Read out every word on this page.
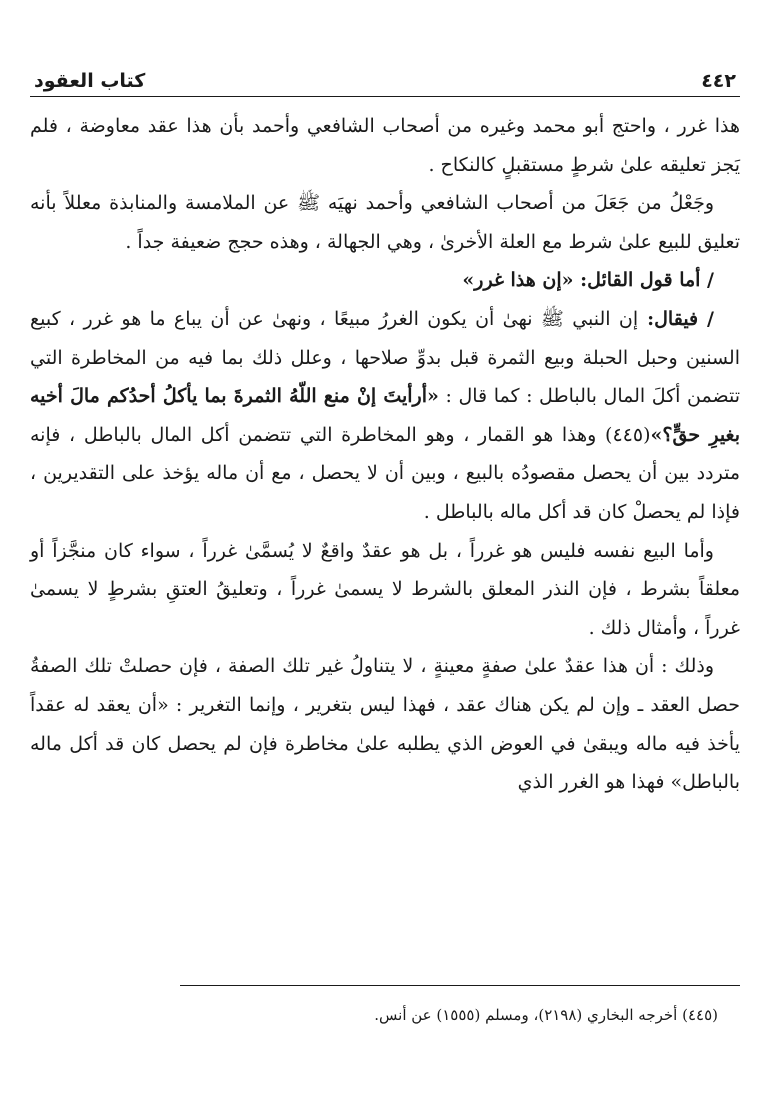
٤٤٢
كتاب العقود

هذا غرر ، واحتج أبو محمد وغيره من أصحاب الشافعي وأحمد بأن هذا عقد معاوضة ، فلم يَجز تعليقه علىٰ شرطٍ مستقبلٍ كالنكاح .

وجَعْلُ من جَعَلَ من أصحاب الشافعي وأحمد نهيَه ﷺ عن الملامسة والمنابذة معللاً بأنه تعليق للبيع علىٰ شرط مع العلة الأخرىٰ ، وهي الجهالة ، وهذه حجج ضعيفة جداً .

/ أما قول القائل: «إن هذا غرر»

/ فيقال: إن النبي ﷺ نهىٰ أن يكون الغررُ مبيعًا ، ونهىٰ عن أن يباع ما هو غرر ، كبيع السنين وحبل الحبلة وبيع الثمرة قبل بدوِّ صلاحها ، وعلل ذلك بما فيه من المخاطرة التي تتضمن أكلَ المال بالباطل : كما قال : «أرأيتَ إنْ منع اللّهُ الثمرةَ بما يأكلُ أحدُكم مالَ أخيه بغيرِ حقٍّ؟»(٤٤٥) وهذا هو القمار ، وهو المخاطرة التي تتضمن أكل المال بالباطل ، فإنه متردد بين أن يحصل مقصودُه بالبيع ، وبين أن لا يحصل ، مع أن ماله يؤخذ على التقديرين ، فإذا لم يحصلْ كان قد أكل ماله بالباطل .

وأما البيع نفسه فليس هو غرراً ، بل هو عقدٌ واقعٌ لا يُسمَّىٰ غرراً ، سواء كان منجَّزاً أو معلقاً بشرط ، فإن النذر المعلق بالشرط لا يسمىٰ غرراً ، وتعليقُ العتقِ بشرطٍ لا يسمىٰ غرراً ، وأمثال ذلك .

وذلك : أن هذا عقدٌ علىٰ صفةٍ معينةٍ ، لا يتناولُ غير تلك الصفة ، فإن حصلتْ تلك الصفةُ حصل العقد ـ وإن لم يكن هناك عقد ، فهذا ليس بتغرير ، وإنما التغرير : «أن يعقد له عقداً يأخذ فيه ماله ويبقىٰ في العوض الذي يطلبه علىٰ مخاطرة فإن لم يحصل كان قد أكل ماله بالباطل» فهذا هو الغرر الذي

(٤٤٥) أخرجه البخاري (٢١٩٨)، ومسلم (١٥٥٥) عن أنس.
